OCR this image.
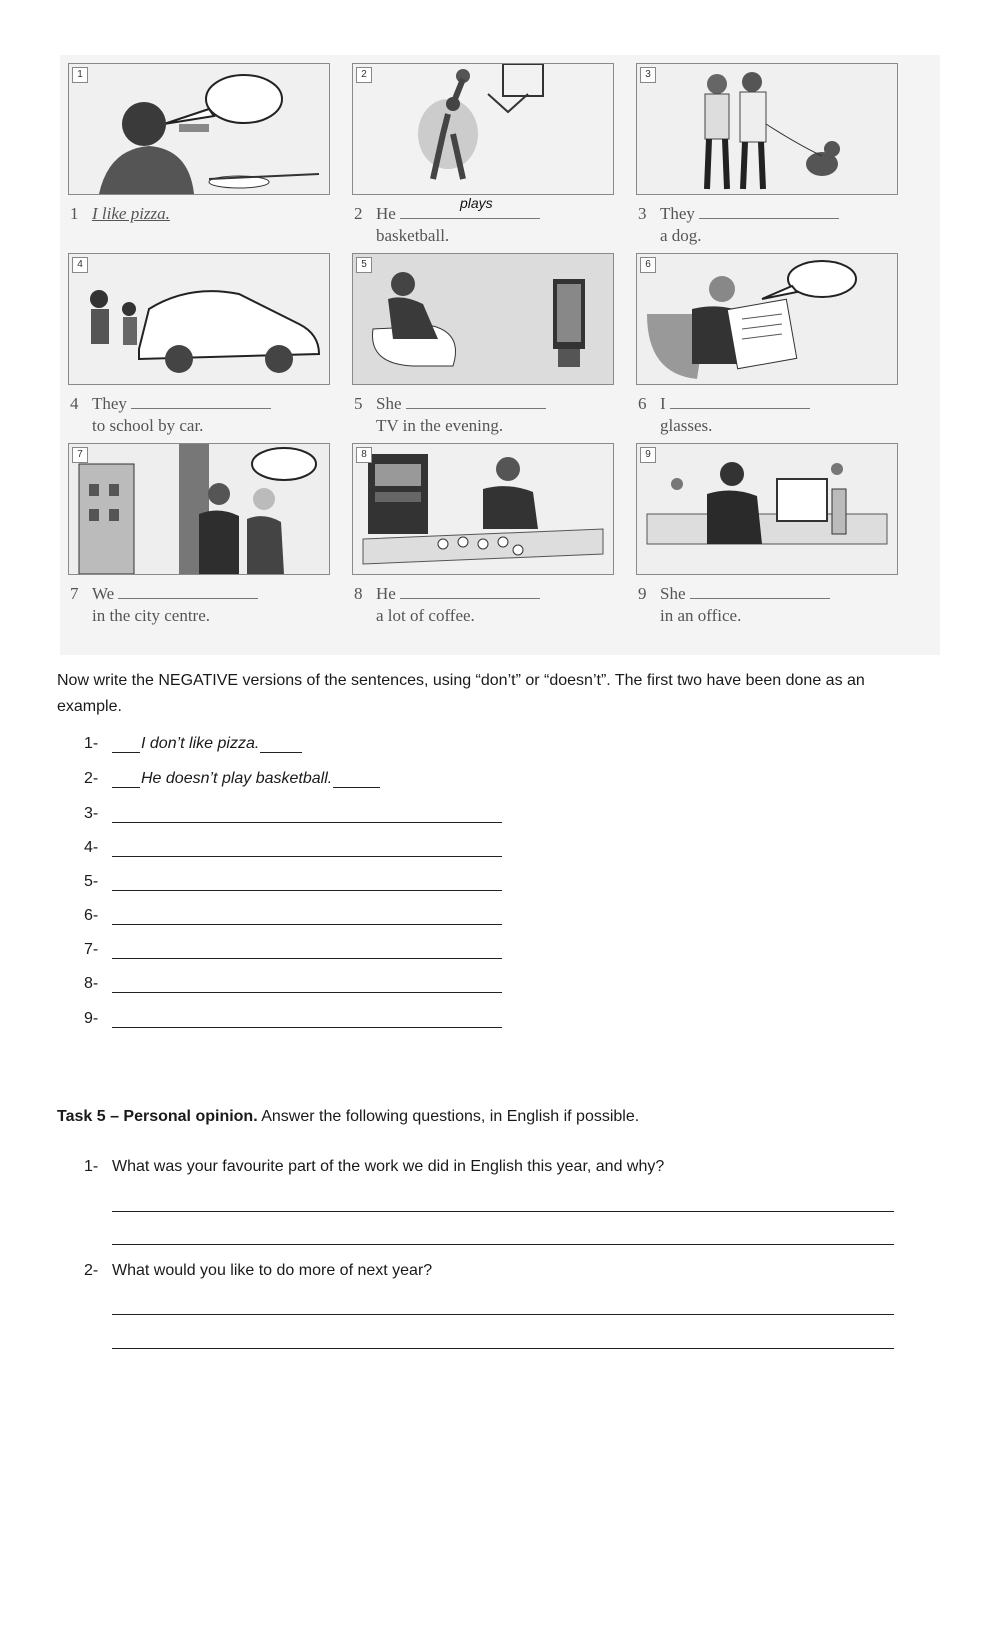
1
1 I like pizza.
2
2 He
basketball.
3
3 They
a dog.
4
4 They
to school by car.
5
5 She
TV in the evening.
6
6 I
glasses.
7
7 We
in the city centre.
8
8 He
a lot of coffee.
9
9 She
in an office.
plays
Now write the NEGATIVE versions of the sentences, using “don’t” or “doesn’t”. The first two have been done as an example.
1-	I don’t like pizza.
2-	He doesn’t play basketball.
3-
4-
5-
6-
7-
8-
9-
Task 5 – Personal opinion. Answer the following questions, in English if possible.
1- What was your favourite part of the work we did in English this year, and why?
2- What would you like to do more of next year?
